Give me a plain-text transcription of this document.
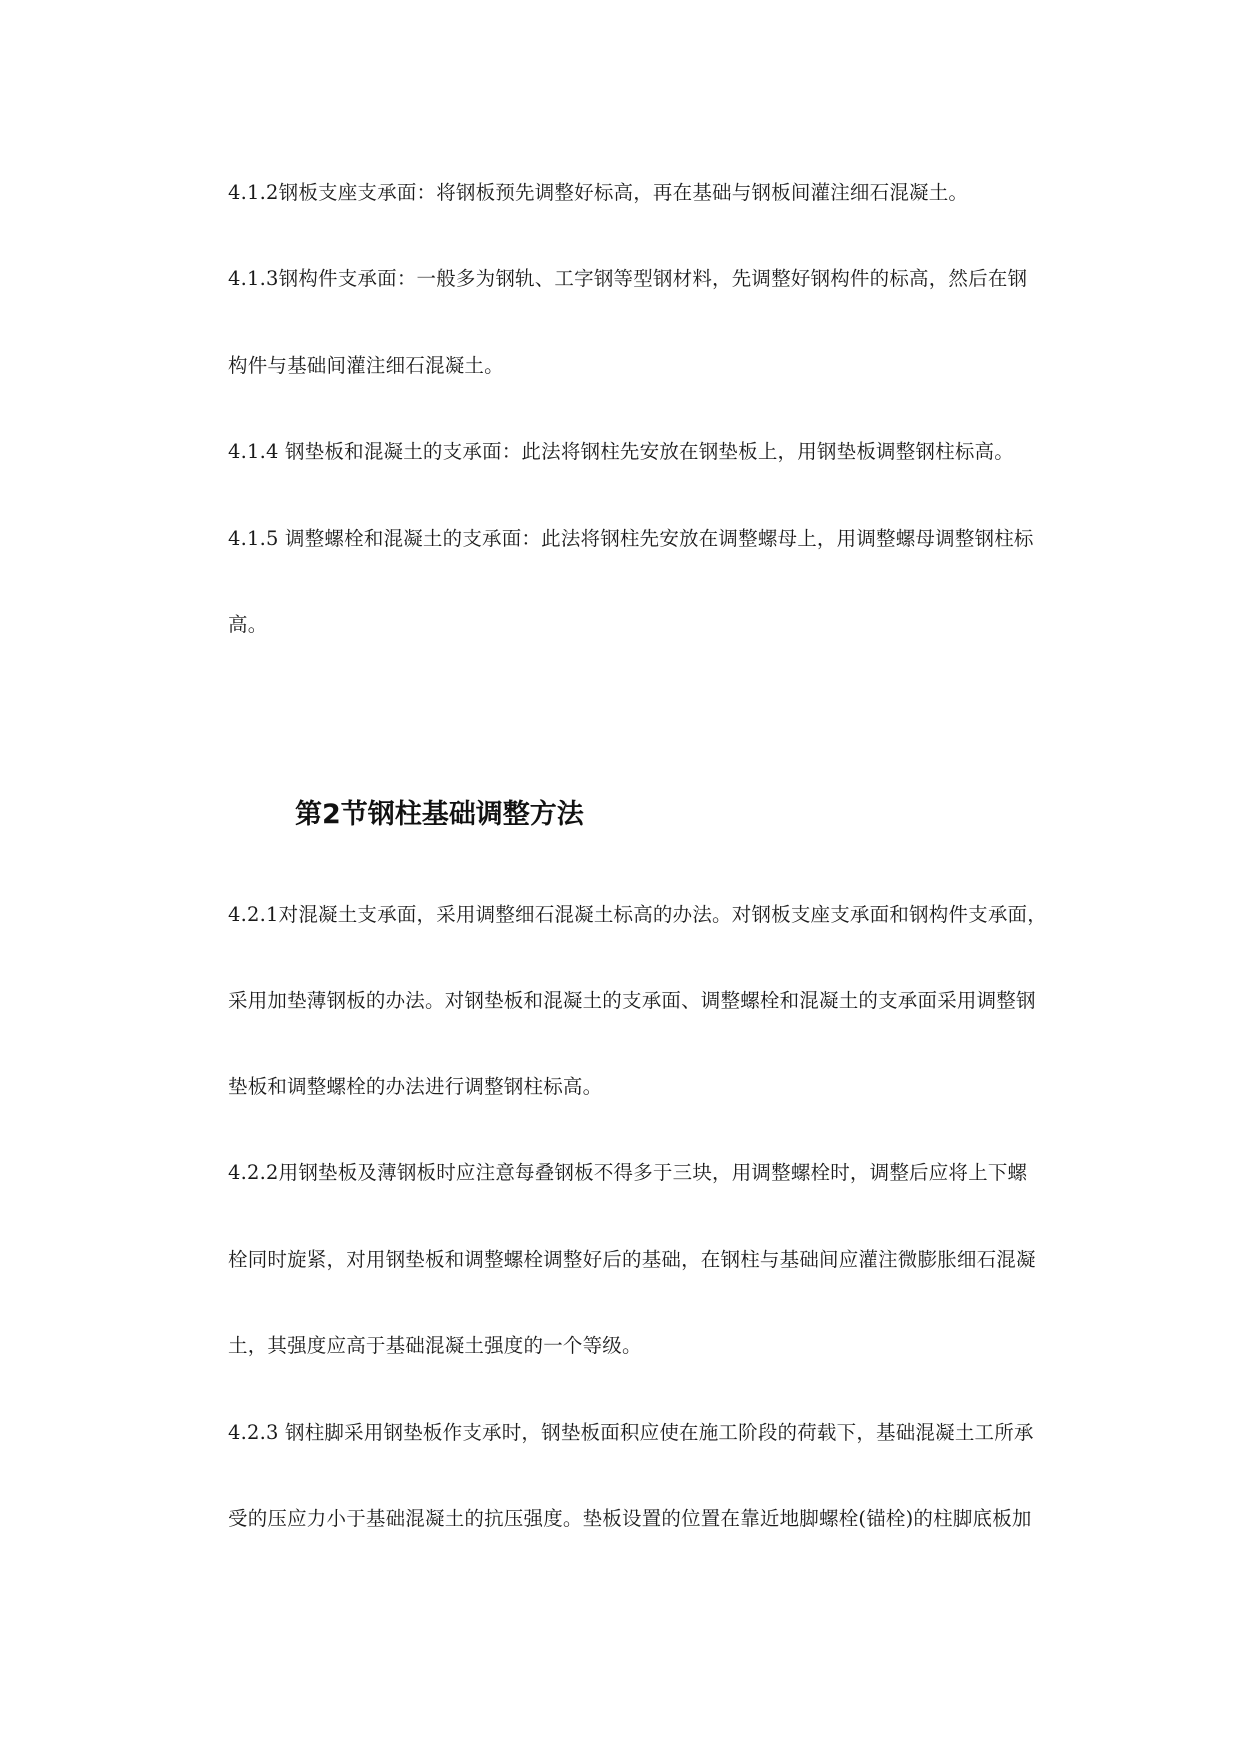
4.1.2钢板支座支承面：将钢板预先调整好标高，再在基础与钢板间灌注细石混凝土。
4.1.3钢构件支承面：一般多为钢轨、工字钢等型钢材料，先调整好钢构件的标高，然后在钢
构件与基础间灌注细石混凝土。
4.1.4 钢垫板和混凝土的支承面：此法将钢柱先安放在钢垫板上，用钢垫板调整钢柱标高。
4.1.5 调整螺栓和混凝土的支承面：此法将钢柱先安放在调整螺母上，用调整螺母调整钢柱标
高。
第2节钢柱基础调整方法
4.2.1对混凝土支承面，采用调整细石混凝土标高的办法。对钢板支座支承面和钢构件支承面，
采用加垫薄钢板的办法。对钢垫板和混凝土的支承面、调整螺栓和混凝土的支承面采用调整钢
垫板和调整螺栓的办法进行调整钢柱标高。
4.2.2用钢垫板及薄钢板时应注意每叠钢板不得多于三块，用调整螺栓时，调整后应将上下螺
栓同时旋紧，对用钢垫板和调整螺栓调整好后的基础，在钢柱与基础间应灌注微膨胀细石混凝
土，其强度应高于基础混凝土强度的一个等级。
4.2.3 钢柱脚采用钢垫板作支承时，钢垫板面积应使在施工阶段的荷载下，基础混凝土工所承
受的压应力小于基础混凝土的抗压强度。垫板设置的位置在靠近地脚螺栓(锚栓)的柱脚底板加
